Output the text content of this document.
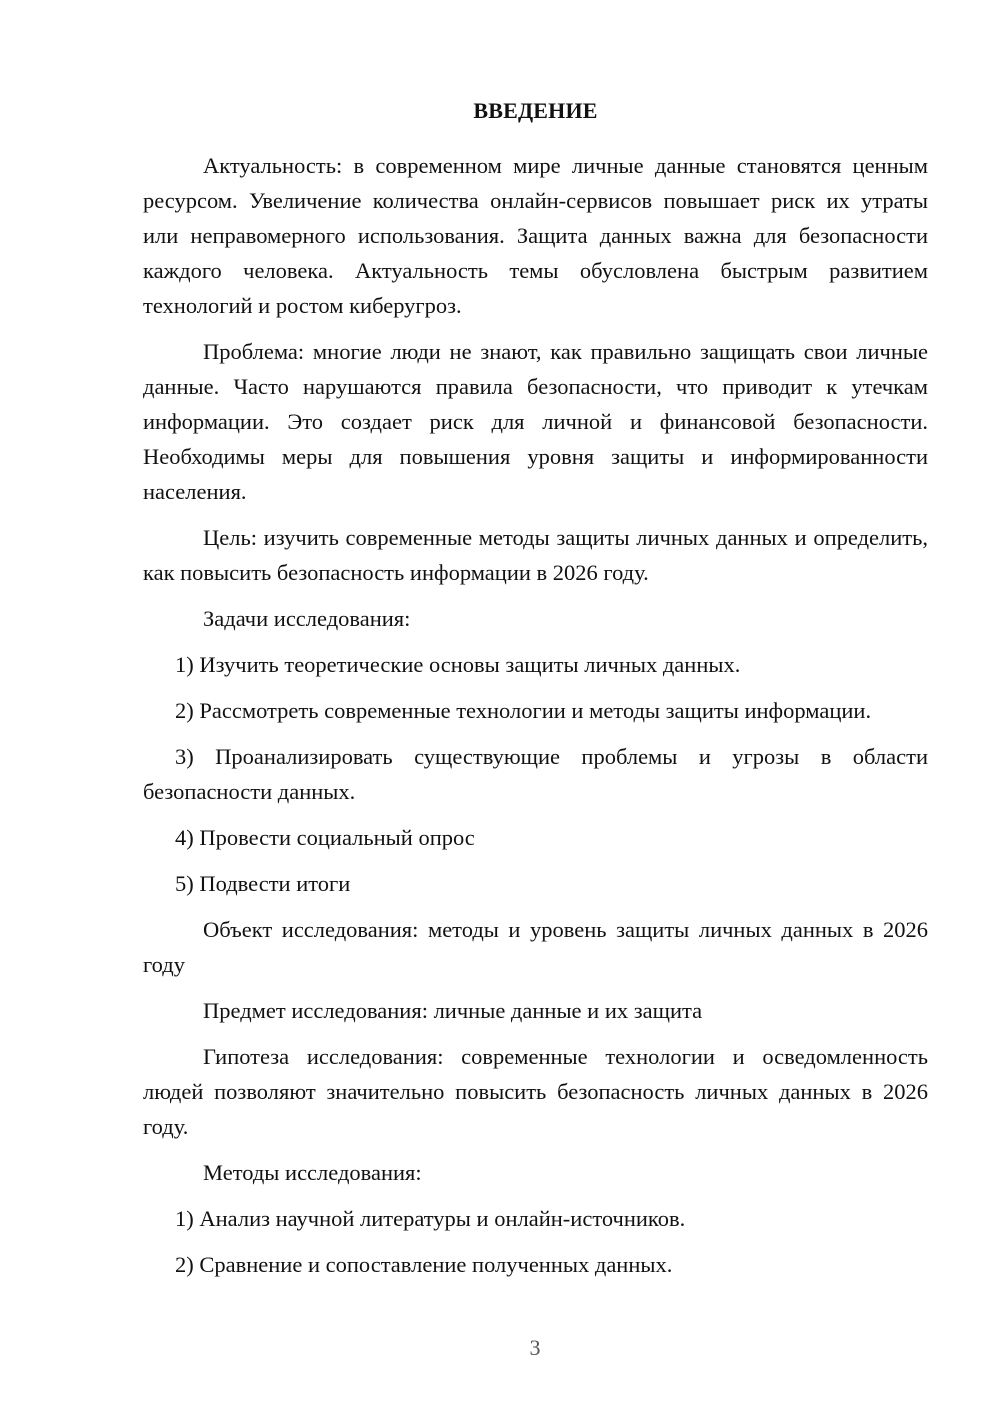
ВВЕДЕНИЕ

Актуальность: в современном мире личные данные становятся ценным ресурсом. Увеличение количества онлайн-сервисов повышает риск их утраты или неправомерного использования. Защита данных важна для безопасности каждого человека. Актуальность темы обусловлена быстрым развитием технологий и ростом киберугроз.

Проблема: многие люди не знают, как правильно защищать свои личные данные. Часто нарушаются правила безопасности, что приводит к утечкам информации. Это создает риск для личной и финансовой безопасности. Необходимы меры для повышения уровня защиты и информированности населения.

Цель: изучить современные методы защиты личных данных и определить, как повысить безопасность информации в 2026 году.

Задачи исследования:

1) Изучить теоретические основы защиты личных данных.

2) Рассмотреть современные технологии и методы защиты информации.

3) Проанализировать существующие проблемы и угрозы в области безопасности данных.

4) Провести социальный опрос

5) Подвести итоги

Объект исследования: методы и уровень защиты личных данных в 2026 году

Предмет исследования: личные данные и их защита

Гипотеза исследования: современные технологии и осведомленность людей позволяют значительно повысить безопасность личных данных в 2026 году.

Методы исследования:

1) Анализ научной литературы и онлайн-источников.

2) Сравнение и сопоставление полученных данных.

3
